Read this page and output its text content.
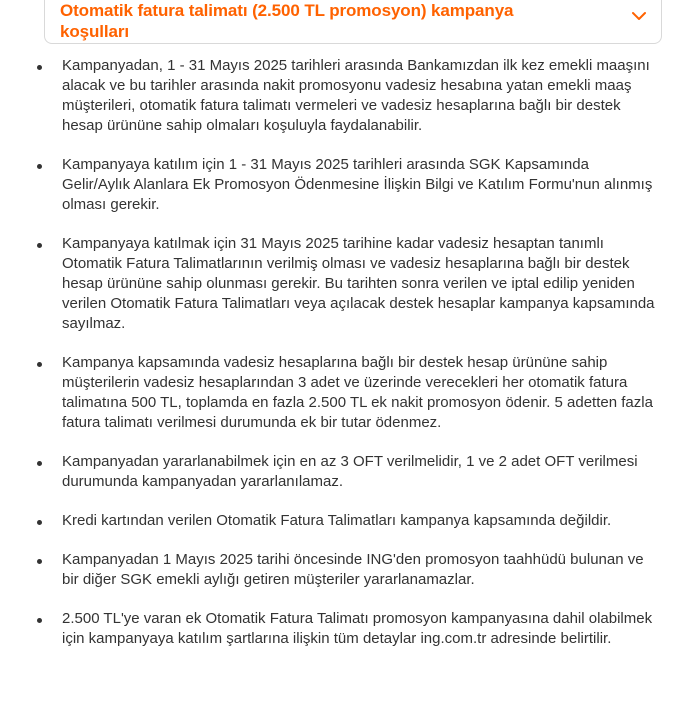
Otomatik fatura talimatı (2.500 TL promosyon) kampanya koşulları
Kampanyadan, 1 - 31 Mayıs 2025 tarihleri arasında Bankamızdan ilk kez emekli maaşını alacak ve bu tarihler arasında nakit promosyonu vadesiz hesabına yatan emekli maaş müşterileri, otomatik fatura talimatı vermeleri ve vadesiz hesaplarına bağlı bir destek hesap ürününe sahip olmaları koşuluyla faydalanabilir.
Kampanyaya katılım için 1 - 31 Mayıs 2025 tarihleri arasında SGK Kapsamında Gelir/Aylık Alanlara Ek Promosyon Ödenmesine İlişkin Bilgi ve Katılım Formu'nun alınmış olması gerekir.
Kampanyaya katılmak için 31 Mayıs 2025 tarihine kadar vadesiz hesaptan tanımlı Otomatik Fatura Talimatlarının verilmiş olması ve vadesiz hesaplarına bağlı bir destek hesap ürününe sahip olunması gerekir. Bu tarihten sonra verilen ve iptal edilip yeniden verilen Otomatik Fatura Talimatları veya açılacak destek hesaplar kampanya kapsamında sayılmaz.
Kampanya kapsamında vadesiz hesaplarına bağlı bir destek hesap ürününe sahip müşterilerin vadesiz hesaplarından 3 adet ve üzerinde verecekleri her otomatik fatura talimatına 500 TL, toplamda en fazla 2.500 TL ek nakit promosyon ödenir. 5 adetten fazla fatura talimatı verilmesi durumunda ek bir tutar ödenmez.
Kampanyadan yararlanabilmek için en az 3 OFT verilmelidir, 1 ve 2 adet OFT verilmesi durumunda kampanyadan yararlanılamaz.
Kredi kartından verilen Otomatik Fatura Talimatları kampanya kapsamında değildir.
Kampanyadan 1 Mayıs 2025 tarihi öncesinde ING'den promosyon taahhüdü bulunan ve bir diğer SGK emekli aylığı getiren müşteriler yararlanamazlar.
2.500 TL'ye varan ek Otomatik Fatura Talimatı promosyon kampanyasına dahil olabilmek için kampanyaya katılım şartlarına ilişkin tüm detaylar ing.com.tr adresinde belirtilir.
